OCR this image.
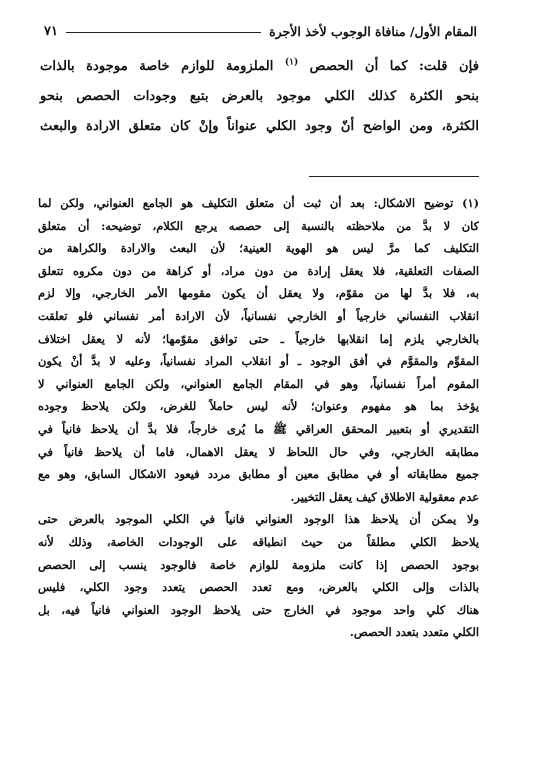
المقام الأول/ منافاة الوجوب لأخذ الأجرة
٧١
فإن قلت: كما أن الحصص $^{(١)}$ الملزومة للوازم خاصة موجودة بالذات
بنحو الكثرة كذلك الكلي موجود بالعرض بتبع وجودات الحصص بنحو
الكثرة، ومن الواضح أنّ وجود الكلي عنواناً وإنْ كان متعلق الارادة والبعث
(١) توضيح الاشكال: بعد أن ثبت أن متعلق التكليف هو الجامع العنواني، ولكن لما
كان لا بدَّ من ملاحظته بالنسبة إلى حصصه يرجع الكلام، توضيحه: أن متعلق
التكليف كما مرَّ ليس هو الهوية العينية؛ لأن البعث والارادة والكراهة من
الصفات التعلقية، فلا يعقل إرادة من دون مراد، أو كراهة من دون مكروه تتعلق
به، فلا بدَّ لها من مقوّم، ولا يعقل أن يكون مقومها الأمر الخارجي، وإلا لزم
انقلاب النفساني خارجياً أو الخارجي نفسانياً، لأن الارادة أمر نفساني فلو تعلقت
بالخارجي يلزم إما انقلابها خارجياً ـ حتى توافق مقوّمها؛ لأنه لا يعقل اختلاف
المقوِّم والمقوَّم في أفق الوجود ـ أو انقلاب المراد نفسانياً، وعليه لا بدَّ أنْ يكون
المقوم أمراً نفسانياً، وهو في المقام الجامع العنواني، ولكن الجامع العنواني لا
يؤخذ بما هو مفهوم وعنوان؛ لأنه ليس حاملاً للغرض، ولكن يلاحظ وجوده
التقديري أو بتعبير المحقق العراقي ﷺ ما يُرى خارجاً، فلا بدَّ أن يلاحظ فانياً في
مطابقه الخارجي، وفي حال اللحاظ لا يعقل الاهمال، فاما أن يلاحظ فانياً في
جميع مطابقاته أو في مطابق معين أو مطابق مردد فيعود الاشكال السابق، وهو مع
عدم معقولية الاطلاق كيف يعقل التخيير.
ولا يمكن أن يلاحظ هذا الوجود العنواني فانياً في الكلي الموجود بالعرض حتى
يلاحظ الكلي مطلقاً من حيث انطباقه على الوجودات الخاصة، وذلك لأنه
بوجود الحصص إذا كانت ملزومة للوازم خاصة فالوجود ينسب إلى الحصص
بالذات وإلى الكلي بالعرض، ومع تعدد الحصص يتعدد وجود الكلي، فليس
هناك كلي واحد موجود في الخارج حتى يلاحظ الوجود العنواني فانياً فيه، بل
الكلي متعدد بتعدد الحصص.
